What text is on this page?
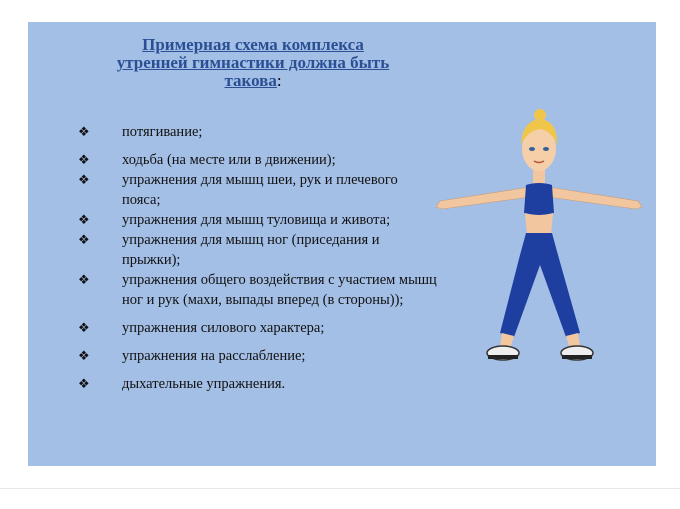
Примерная схема комплекса
утренней гимнастики должна быть
такова:
❖ потягивание;
❖ ходьба (на месте или в движении);
❖ упражнения для мышц шеи, рук и плечевого пояса;
❖ упражнения для мышц туловища и живота;
❖ упражнения для мышц ног (приседания и прыжки);
❖ упражнения общего воздействия с участием мышц ног и рук (махи, выпады вперед (в стороны));
❖ упражнения силового характера;
❖ упражнения на расслабление;
❖ дыхательные упражнения.
